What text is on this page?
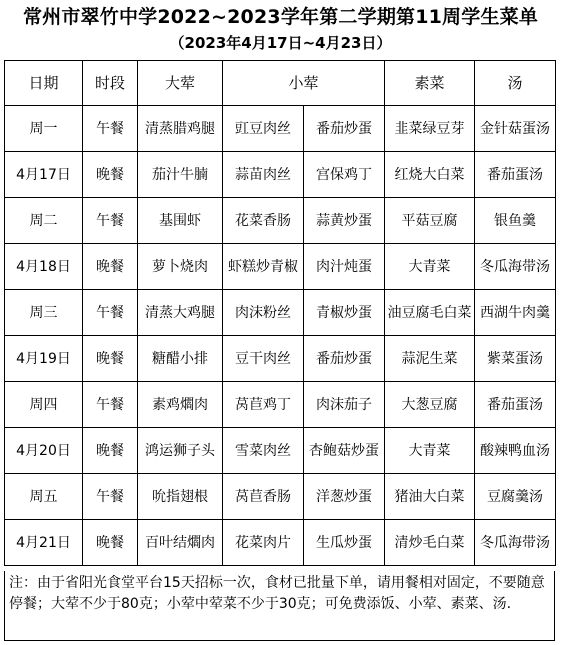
常州市翠竹中学2022~2023学年第二学期第11周学生菜单
（2023年4月17日~4月23日）
日期	时段	大荤	小荤		素菜	汤
周一	午餐	清蒸腊鸡腿	豇豆肉丝	番茄炒蛋	韭菜绿豆芽	金针菇蛋汤
4月17日	晚餐	茄汁牛腩	蒜苗肉丝	宫保鸡丁	红烧大白菜	番茄蛋汤
周二	午餐	基围虾	花菜香肠	蒜黄炒蛋	平菇豆腐	银鱼羹
4月18日	晚餐	萝卜烧肉	虾糕炒青椒	肉汁炖蛋	大青菜	冬瓜海带汤
周三	午餐	清蒸大鸡腿	肉沫粉丝	青椒炒蛋	油豆腐毛白菜	西湖牛肉羹
4月19日	晚餐	糖醋小排	豆干肉丝	番茄炒蛋	蒜泥生菜	紫菜蛋汤
周四	午餐	素鸡爓肉	莴苣鸡丁	肉沫茄子	大葱豆腐	番茄蛋汤
4月20日	晚餐	鸿运狮子头	雪菜肉丝	杏鲍菇炒蛋	大青菜	酸辣鸭血汤
周五	午餐	吮指翅根	莴苣香肠	洋葱炒蛋	猪油大白菜	豆腐羹汤
4月21日	晚餐	百叶结爓肉	花菜肉片	生瓜炒蛋	清炒毛白菜	冬瓜海带汤
注：由于省阳光食堂平台15天招标一次，食材已批量下单，请用餐相对固定，不要随意停餐；大荤不少于80克；小荤中荤菜不少于30克；可免费添饭、小荤、素菜、汤.
